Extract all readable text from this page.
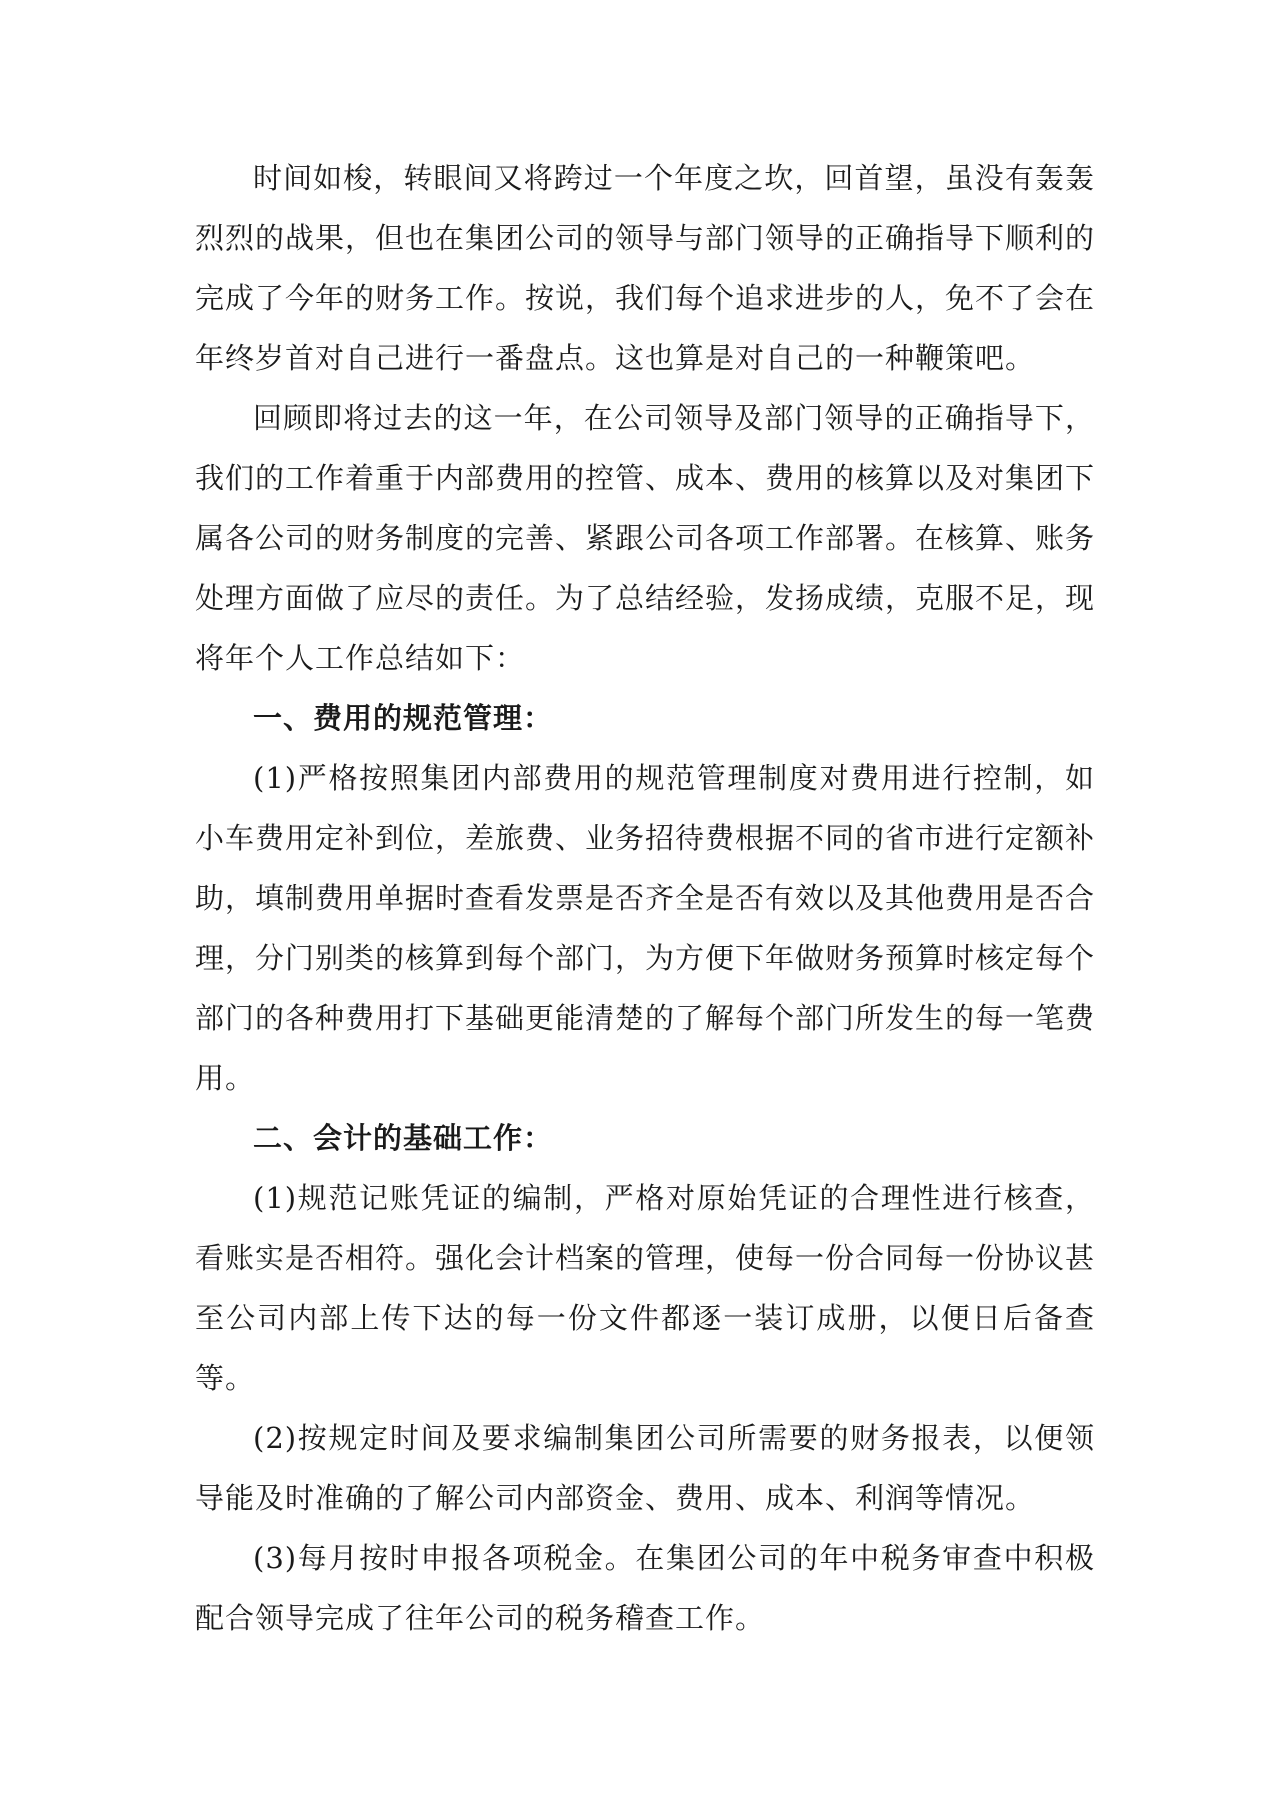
时间如梭，转眼间又将跨过一个年度之坎，回首望，虽没有轰轰烈烈的战果，但也在集团公司的领导与部门领导的正确指导下顺利的完成了今年的财务工作。按说，我们每个追求进步的人，免不了会在年终岁首对自己进行一番盘点。这也算是对自己的一种鞭策吧。

回顾即将过去的这一年，在公司领导及部门领导的正确指导下，我们的工作着重于内部费用的控管、成本、费用的核算以及对集团下属各公司的财务制度的完善、紧跟公司各项工作部署。在核算、账务处理方面做了应尽的责任。为了总结经验，发扬成绩，克服不足，现将年个人工作总结如下：

一、费用的规范管理：

(1)严格按照集团内部费用的规范管理制度对费用进行控制，如小车费用定补到位，差旅费、业务招待费根据不同的省市进行定额补助，填制费用单据时查看发票是否齐全是否有效以及其他费用是否合理，分门别类的核算到每个部门，为方便下年做财务预算时核定每个部门的各种费用打下基础更能清楚的了解每个部门所发生的每一笔费用。

二、会计的基础工作：

(1)规范记账凭证的编制，严格对原始凭证的合理性进行核查，看账实是否相符。强化会计档案的管理，使每一份合同每一份协议甚至公司内部上传下达的每一份文件都逐一装订成册，以便日后备查等。

(2)按规定时间及要求编制集团公司所需要的财务报表，以便领导能及时准确的了解公司内部资金、费用、成本、利润等情况。

(3)每月按时申报各项税金。在集团公司的年中税务审查中积极配合领导完成了往年公司的税务稽查工作。
